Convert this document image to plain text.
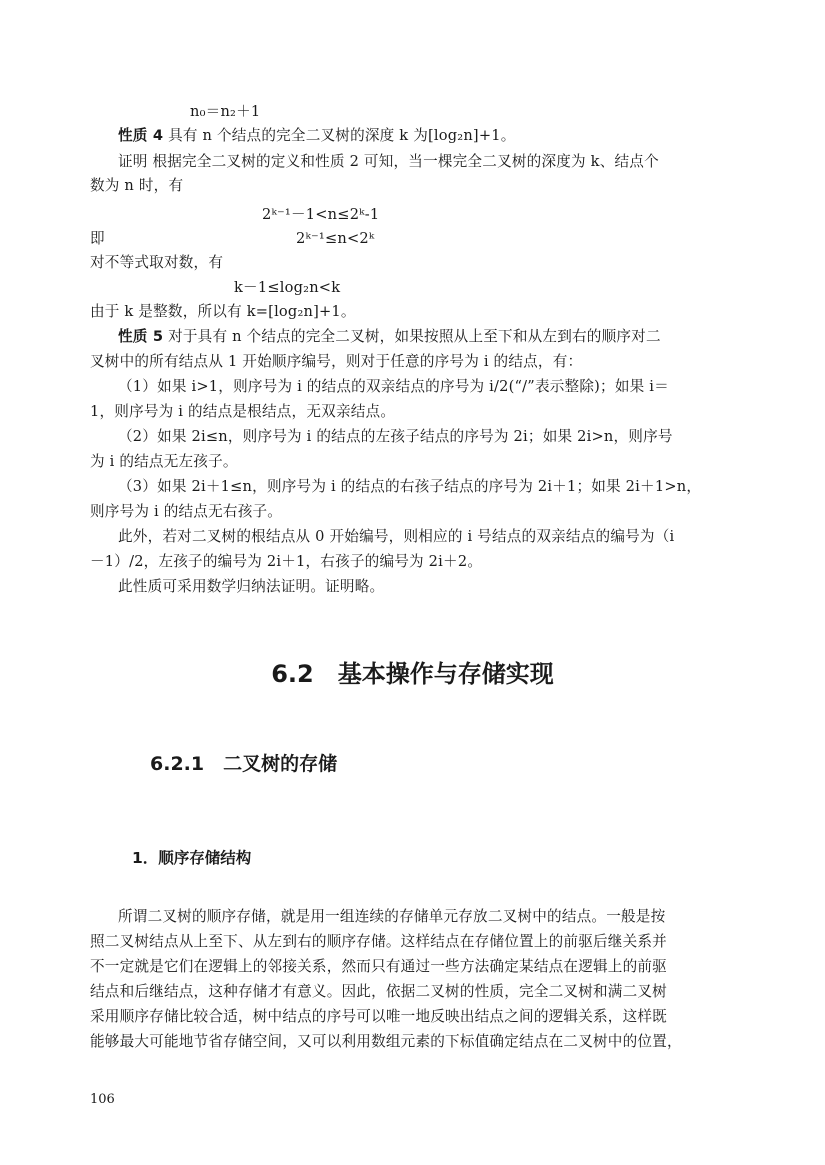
n₀＝n₂＋1
性质 4 具有 n 个结点的完全二叉树的深度 k 为[log₂n]+1。
证明 根据完全二叉树的定义和性质 2 可知，当一棵完全二叉树的深度为 k、结点个
数为 n 时，有
2ᵏ⁻¹－1<n≤2ᵏ-1
即	2ᵏ⁻¹≤n<2ᵏ
对不等式取对数，有
k－1≤log₂n<k
由于 k 是整数，所以有 k=[log₂n]+1。
性质 5 对于具有 n 个结点的完全二叉树，如果按照从上至下和从左到右的顺序对二
叉树中的所有结点从 1 开始顺序编号，则对于任意的序号为 i 的结点，有：
（1）如果 i>1，则序号为 i 的结点的双亲结点的序号为 i/2(“/”表示整除)；如果 i＝
1，则序号为 i 的结点是根结点，无双亲结点。
（2）如果 2i≤n，则序号为 i 的结点的左孩子结点的序号为 2i；如果 2i>n，则序号
为 i 的结点无左孩子。
（3）如果 2i＋1≤n，则序号为 i 的结点的右孩子结点的序号为 2i＋1；如果 2i＋1>n，
则序号为 i 的结点无右孩子。
此外，若对二叉树的根结点从 0 开始编号，则相应的 i 号结点的双亲结点的编号为（i
－1）/2，左孩子的编号为 2i＋1，右孩子的编号为 2i＋2。
此性质可采用数学归纳法证明。证明略。
6.2　基本操作与存储实现
6.2.1　二叉树的存储
1．顺序存储结构
所谓二叉树的顺序存储，就是用一组连续的存储单元存放二叉树中的结点。一般是按
照二叉树结点从上至下、从左到右的顺序存储。这样结点在存储位置上的前驱后继关系并
不一定就是它们在逻辑上的邻接关系，然而只有通过一些方法确定某结点在逻辑上的前驱
结点和后继结点，这种存储才有意义。因此，依据二叉树的性质，完全二叉树和满二叉树
采用顺序存储比较合适，树中结点的序号可以唯一地反映出结点之间的逻辑关系，这样既
能够最大可能地节省存储空间，又可以利用数组元素的下标值确定结点在二叉树中的位置，
106
